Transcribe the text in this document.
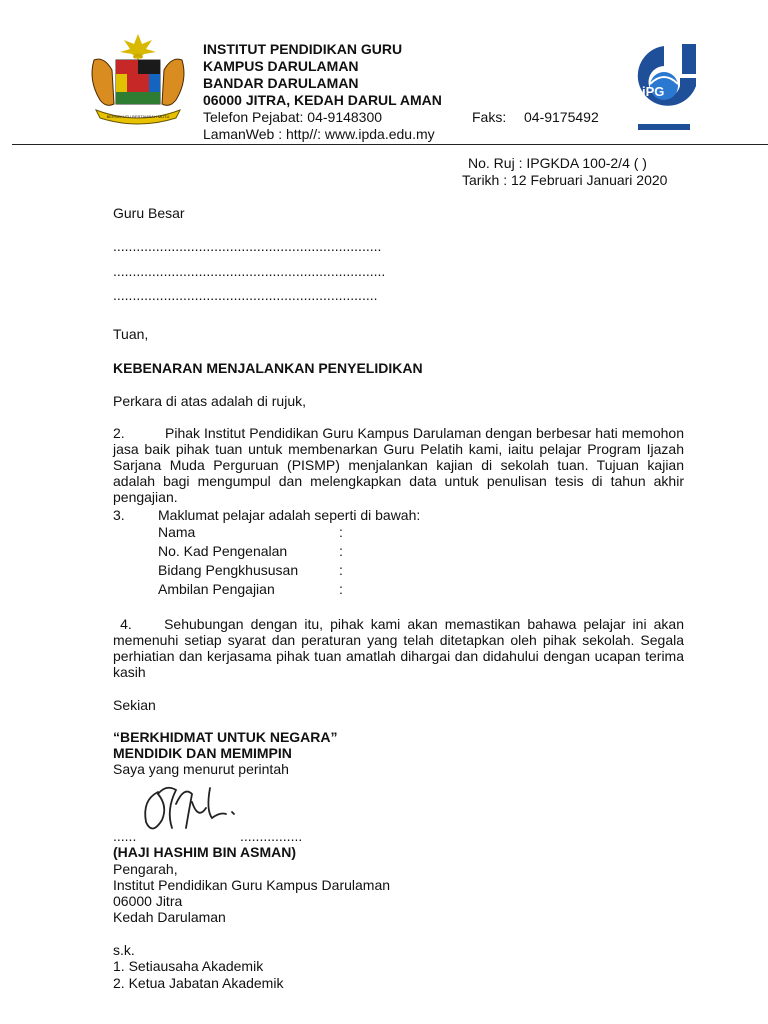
BERSEKUTU BERTAMBAH MUTU
INSTITUT PENDIDIKAN GURU
KAMPUS DARULAMAN
BANDAR DARULAMAN
06000 JITRA, KEDAH DARUL AMAN
Telefon Pejabat: 04-9148300
LamanWeb : http//: www.ipda.edu.my
Faks: 04-9175492
iPG
No. Ruj : IPGKDA 100-2/4 ( )
Tarikh : 12 Februari Januari 2020
Guru Besar
.....................................................................
......................................................................
....................................................................
Tuan,
KEBENARAN MENJALANKAN PENYELIDIKAN
Perkara di atas adalah di rujuk,
2.	Pihak Institut Pendidikan Guru Kampus Darulaman dengan berbesar hati memohon jasa baik pihak tuan untuk membenarkan Guru Pelatih kami, iaitu pelajar Program Ijazah Sarjana Muda Perguruan (PISMP) menjalankan kajian di sekolah tuan. Tujuan kajian adalah bagi mengumpul dan melengkapkan data untuk penulisan tesis di tahun akhir pengajian.
3. Maklumat pelajar adalah seperti di bawah:
Nama	:
No. Kad Pengenalan	:
Bidang Pengkhususan	:
Ambilan Pengajian	:
4. Sehubungan dengan itu, pihak kami akan memastikan bahawa pelajar ini akan memenuhi setiap syarat dan peraturan yang telah ditetapkan oleh pihak sekolah. Segala perhiatian dan kerjasama pihak tuan amatlah dihargai dan didahului dengan ucapan terima kasih
Sekian
“BERKHIDMAT UNTUK NEGARA”
MENDIDIK DAN MEMIMPIN
Saya yang menurut perintah
......	................
(HAJI HASHIM BIN ASMAN)
Pengarah,
Institut Pendidikan Guru Kampus Darulaman
06000 Jitra
Kedah Darulaman
s.k.
1. Setiausaha Akademik
2. Ketua Jabatan Akademik
